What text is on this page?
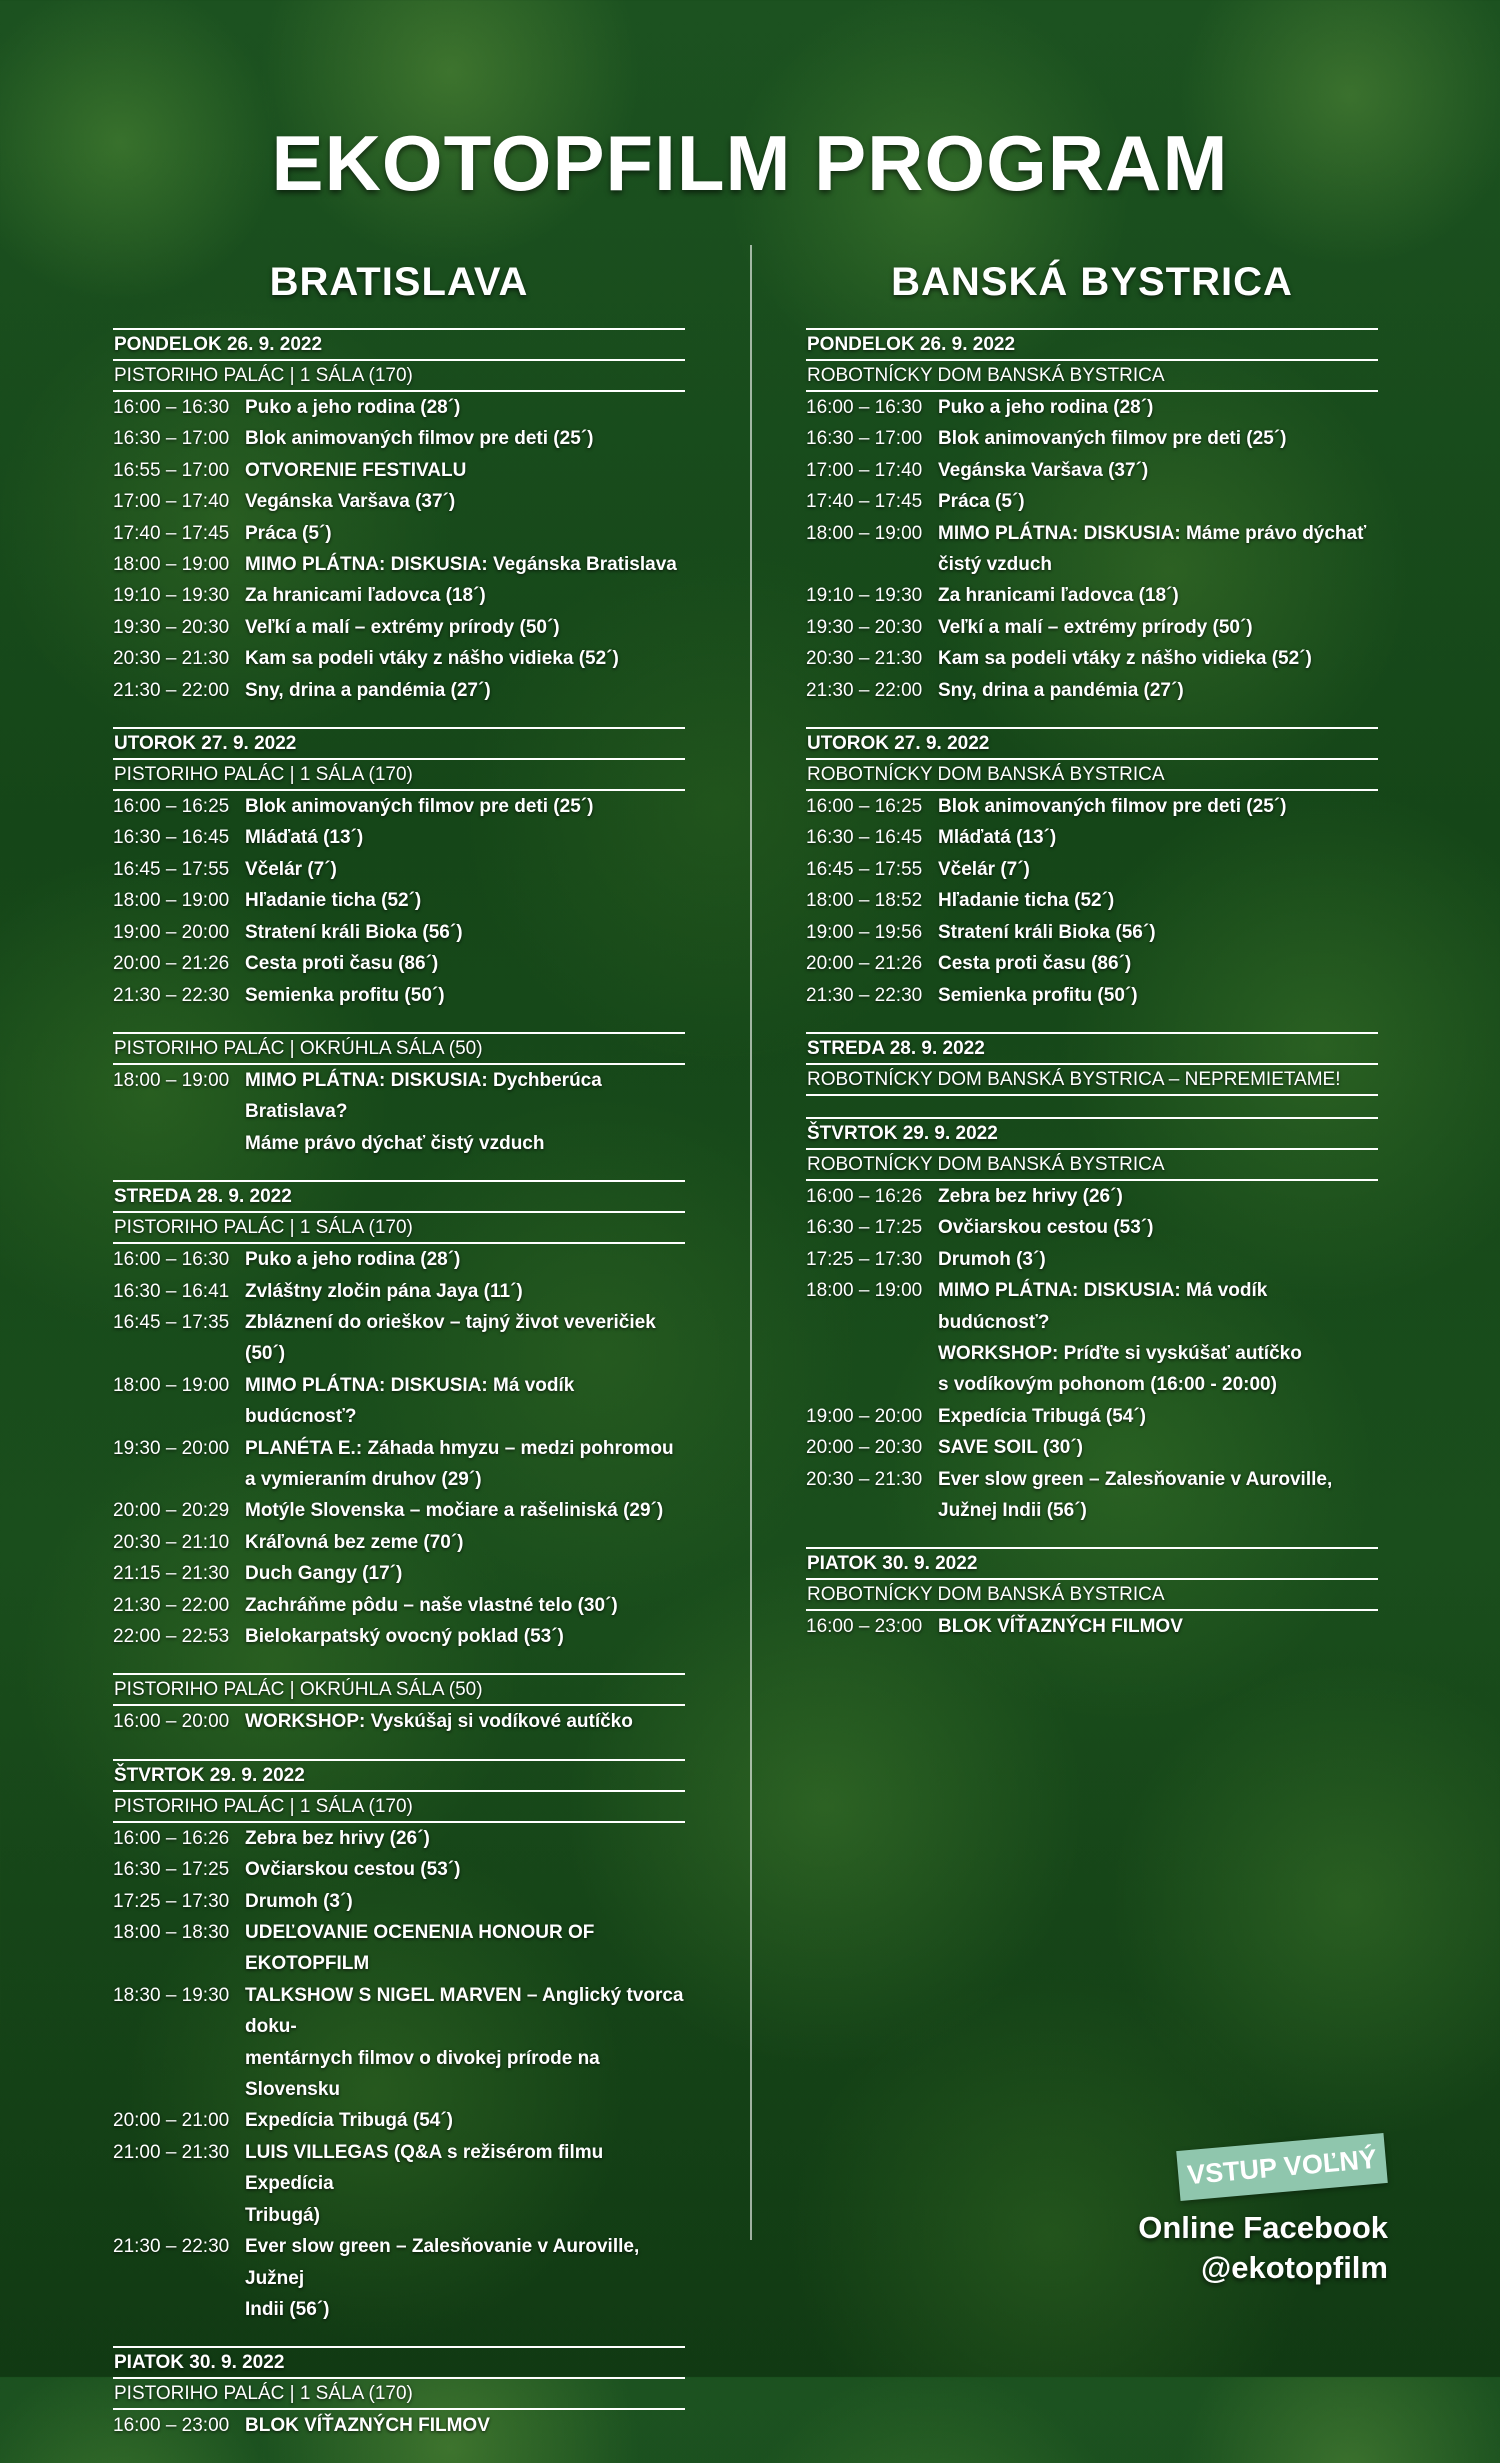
EKOTOPFILM PROGRAM
BRATISLAVA
PONDELOK 26. 9. 2022
PISTORIHO PALÁC | 1 SÁLA (170)
16:00 – 16:30 Puko a jeho rodina (28´)
16:30 – 17:00 Blok animovaných filmov pre deti (25´)
16:55 – 17:00 OTVORENIE FESTIVALU
17:00 – 17:40 Vegánska Varšava (37´)
17:40 – 17:45 Práca (5´)
18:00 – 19:00 MIMO PLÁTNA: DISKUSIA: Vegánska Bratislava
19:10 – 19:30 Za hranicami ľadovca (18´)
19:30 – 20:30 Veľkí a malí – extrémy prírody (50´)
20:30 – 21:30 Kam sa podeli vtáky z nášho vidieka (52´)
21:30 – 22:00 Sny, drina a pandémia (27´)
UTOROK 27. 9. 2022
PISTORIHO PALÁC | 1 SÁLA (170)
16:00 – 16:25 Blok animovaných filmov pre deti (25´)
16:30 – 16:45 Mláďatá (13´)
16:45 – 17:55 Včelár (7´)
18:00 – 19:00 Hľadanie ticha (52´)
19:00 – 20:00 Stratení králi Bioka (56´)
20:00 – 21:26 Cesta proti času (86´)
21:30 – 22:30 Semienka profitu (50´)
PISTORIHO PALÁC | OKRÚHLA SÁLA (50)
18:00 – 19:00 MIMO PLÁTNA: DISKUSIA: Dychberúca Bratislava?
Máme právo dýchať čistý vzduch
STREDA 28. 9. 2022
PISTORIHO PALÁC | 1 SÁLA (170)
16:00 – 16:30 Puko a jeho rodina (28´)
16:30 – 16:41 Zvláštny zločin pána Jaya (11´)
16:45 – 17:35 Zbláznení do orieškov – tajný život veveričiek (50´)
18:00 – 19:00 MIMO PLÁTNA: DISKUSIA: Má vodík budúcnosť?
19:30 – 20:00 PLANÉTA E.: Záhada hmyzu – medzi pohromou
a vymieraním druhov (29´)
20:00 – 20:29 Motýle Slovenska – močiare a rašeliniská (29´)
20:30 – 21:10 Kráľovná bez zeme (70´)
21:15 – 21:30 Duch Gangy (17´)
21:30 – 22:00 Zachráňme pôdu – naše vlastné telo (30´)
22:00 – 22:53 Bielokarpatský ovocný poklad (53´)
PISTORIHO PALÁC | OKRÚHLA SÁLA (50)
16:00 – 20:00 WORKSHOP: Vyskúšaj si vodíkové autíčko
ŠTVRTOK 29. 9. 2022
PISTORIHO PALÁC | 1 SÁLA (170)
16:00 – 16:26 Zebra bez hrivy (26´)
16:30 – 17:25 Ovčiarskou cestou (53´)
17:25 – 17:30 Drumoh (3´)
18:00 – 18:30 UDEĽOVANIE OCENENIA HONOUR OF EKOTOPFILM
18:30 – 19:30 TALKSHOW S NIGEL MARVEN – Anglický tvorca doku-
mentárnych filmov o divokej prírode na Slovensku
20:00 – 21:00 Expedícia Tribugá (54´)
21:00 – 21:30 LUIS VILLEGAS (Q&A s režisérom filmu Expedícia
Tribugá)
21:30 – 22:30 Ever slow green – Zalesňovanie v Auroville, Južnej
Indii (56´)
PIATOK 30. 9. 2022
PISTORIHO PALÁC | 1 SÁLA (170)
16:00 – 23:00 BLOK VÍŤAZNÝCH FILMOV
BANSKÁ BYSTRICA
PONDELOK 26. 9. 2022
ROBOTNÍCKY DOM BANSKÁ BYSTRICA
16:00 – 16:30 Puko a jeho rodina (28´)
16:30 – 17:00 Blok animovaných filmov pre deti (25´)
17:00 – 17:40 Vegánska Varšava (37´)
17:40 – 17:45 Práca (5´)
18:00 – 19:00 MIMO PLÁTNA: DISKUSIA: Máme právo dýchať
čistý vzduch
19:10 – 19:30 Za hranicami ľadovca (18´)
19:30 – 20:30 Veľkí a malí – extrémy prírody (50´)
20:30 – 21:30 Kam sa podeli vtáky z nášho vidieka (52´)
21:30 – 22:00 Sny, drina a pandémia (27´)
UTOROK 27. 9. 2022
ROBOTNÍCKY DOM BANSKÁ BYSTRICA
16:00 – 16:25 Blok animovaných filmov pre deti (25´)
16:30 – 16:45 Mláďatá (13´)
16:45 – 17:55 Včelár (7´)
18:00 – 18:52 Hľadanie ticha (52´)
19:00 – 19:56 Stratení králi Bioka (56´)
20:00 – 21:26 Cesta proti času (86´)
21:30 – 22:30 Semienka profitu (50´)
STREDA 28. 9. 2022
ROBOTNÍCKY DOM BANSKÁ BYSTRICA – NEPREMIETAME!
ŠTVRTOK 29. 9. 2022
ROBOTNÍCKY DOM BANSKÁ BYSTRICA
16:00 – 16:26 Zebra bez hrivy (26´)
16:30 – 17:25 Ovčiarskou cestou (53´)
17:25 – 17:30 Drumoh (3´)
18:00 – 19:00 MIMO PLÁTNA: DISKUSIA: Má vodík
budúcnosť?
WORKSHOP: Príďte si vyskúšať autíčko
s vodíkovým pohonom (16:00 - 20:00)
19:00 – 20:00 Expedícia Tribugá (54´)
20:00 – 20:30 SAVE SOIL (30´)
20:30 – 21:30 Ever slow green – Zalesňovanie v Auroville,
Južnej Indii (56´)
PIATOK 30. 9. 2022
ROBOTNÍCKY DOM BANSKÁ BYSTRICA
16:00 – 23:00 BLOK VÍŤAZNÝCH FILMOV
VSTUP VOĽNÝ
Online Facebook @ekotopfilm
